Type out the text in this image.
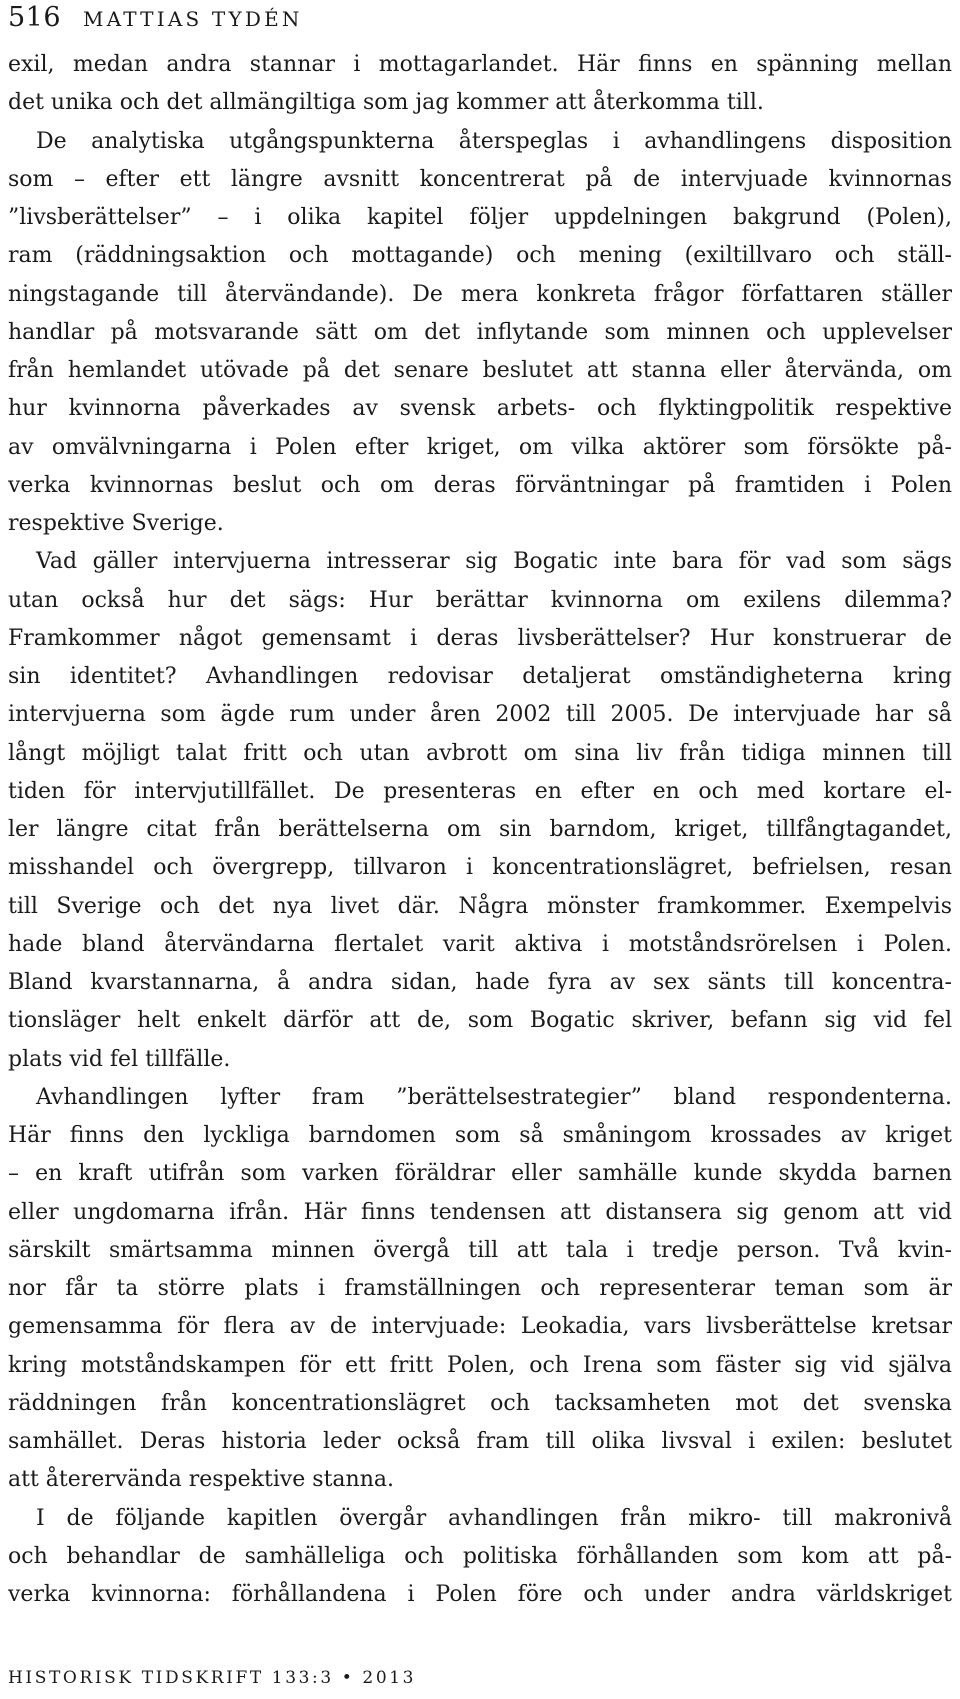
516 MATTIAS TYDÉN

exil, medan andra stannar i mottagarlandet. Här finns en spänning mellan
det unika och det allmängiltiga som jag kommer att återkomma till.

De analytiska utgångspunkterna återspeglas i avhandlingens disposition
som – efter ett längre avsnitt koncentrerat på de intervjuade kvinnornas
”livsberättelser” – i olika kapitel följer uppdelningen bakgrund (Polen),
ram (räddningsaktion och mottagande) och mening (exiltillvaro och ställ-
ningstagande till återvändande). De mera konkreta frågor författaren ställer
handlar på motsvarande sätt om det inflytande som minnen och upplevelser
från hemlandet utövade på det senare beslutet att stanna eller återvända, om
hur kvinnorna påverkades av svensk arbets- och flyktingpolitik respektive
av omvälvningarna i Polen efter kriget, om vilka aktörer som försökte på-
verka kvinnornas beslut och om deras förväntningar på framtiden i Polen
respektive Sverige.

Vad gäller intervjuerna intresserar sig Bogatic inte bara för vad som sägs
utan också hur det sägs: Hur berättar kvinnorna om exilens dilemma?
Framkommer något gemensamt i deras livsberättelser? Hur konstruerar de
sin identitet? Avhandlingen redovisar detaljerat omständigheterna kring
intervjuerna som ägde rum under åren 2002 till 2005. De intervjuade har så
långt möjligt talat fritt och utan avbrott om sina liv från tidiga minnen till
tiden för intervjutillfället. De presenteras en efter en och med kortare el-
ler längre citat från berättelserna om sin barndom, kriget, tillfångtagandet,
misshandel och övergrepp, tillvaron i koncentrationslägret, befrielsen, resan
till Sverige och det nya livet där. Några mönster framkommer. Exempelvis
hade bland återvändarna flertalet varit aktiva i motståndsrörelsen i Polen.
Bland kvarstannarna, å andra sidan, hade fyra av sex sänts till koncentra-
tionsläger helt enkelt därför att de, som Bogatic skriver, befann sig vid fel
plats vid fel tillfälle.

Avhandlingen lyfter fram ”berättelsestrategier” bland respondenterna.
Här finns den lyckliga barndomen som så småningom krossades av kriget
– en kraft utifrån som varken föräldrar eller samhälle kunde skydda barnen
eller ungdomarna ifrån. Här finns tendensen att distansera sig genom att vid
särskilt smärtsamma minnen övergå till att tala i tredje person. Två kvin-
nor får ta större plats i framställningen och representerar teman som är
gemensamma för flera av de intervjuade: Leokadia, vars livsberättelse kretsar
kring motståndskampen för ett fritt Polen, och Irena som fäster sig vid själva
räddningen från koncentrationslägret och tacksamheten mot det svenska
samhället. Deras historia leder också fram till olika livsval i exilen: beslutet
att återervända respektive stanna.

I de följande kapitlen övergår avhandlingen från mikro- till makronivå
och behandlar de samhälleliga och politiska förhållanden som kom att på-
verka kvinnorna: förhållandena i Polen före och under andra världskriget

HISTORISK TIDSKRIFT 133:3 • 2013
